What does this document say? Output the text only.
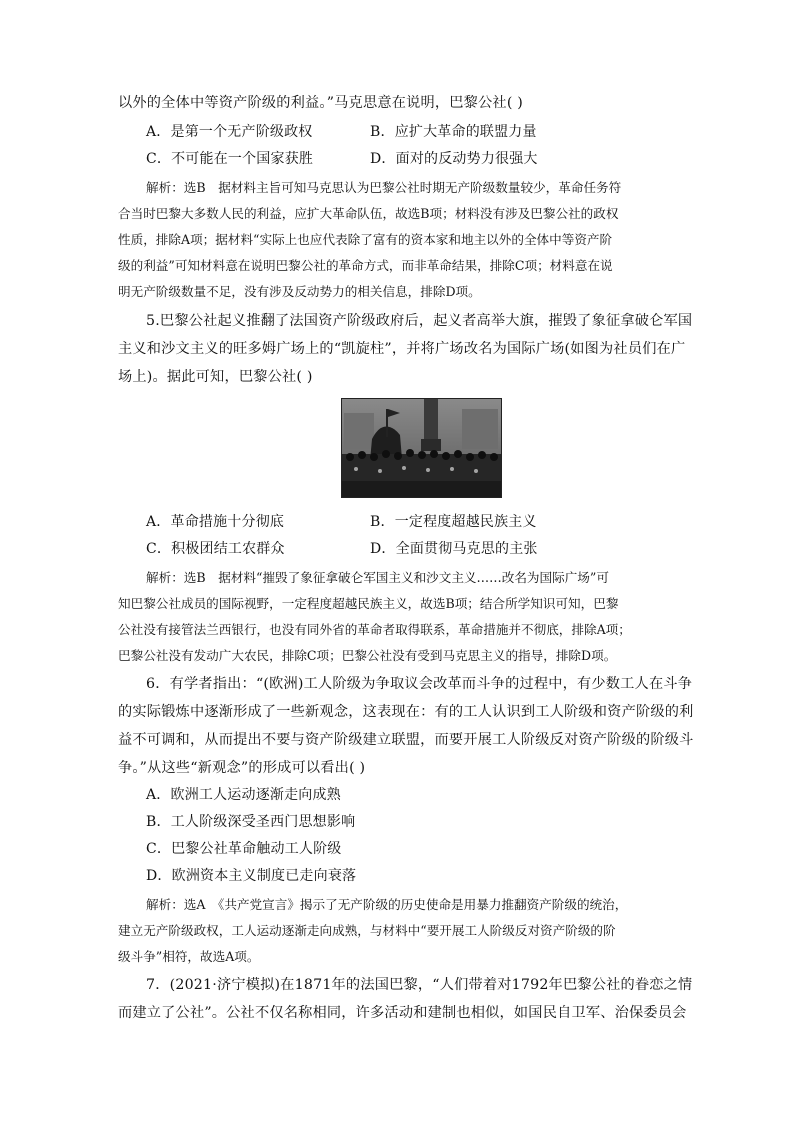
以外的全体中等资产阶级的利益。”马克思意在说明，巴黎公社( )
A．是第一个无产阶级政权	B．应扩大革命的联盟力量
C．不可能在一个国家获胜	D．面对的反动势力很强大
解析：选B　据材料主旨可知马克思认为巴黎公社时期无产阶级数量较少，革命任务符
合当时巴黎大多数人民的利益，应扩大革命队伍，故选B项；材料没有涉及巴黎公社的政权
性质，排除A项；据材料“实际上也应代表除了富有的资本家和地主以外的全体中等资产阶
级的利益”可知材料意在说明巴黎公社的革命方式，而非革命结果，排除C项；材料意在说
明无产阶级数量不足，没有涉及反动势力的相关信息，排除D项。
5.巴黎公社起义推翻了法国资产阶级政府后，起义者高举大旗，摧毁了象征拿破仑军国
主义和沙文主义的旺多姆广场上的“凯旋柱”，并将广场改名为国际广场(如图为社员们在广
场上)。据此可知，巴黎公社( )
A．革命措施十分彻底	B．一定程度超越民族主义
C．积极团结工农群众	D．全面贯彻马克思的主张
解析：选B　据材料“摧毁了象征拿破仑军国主义和沙文主义……改名为国际广场”可
知巴黎公社成员的国际视野，一定程度超越民族主义，故选B项；结合所学知识可知，巴黎
公社没有接管法兰西银行，也没有同外省的革命者取得联系，革命措施并不彻底，排除A项；
巴黎公社没有发动广大农民，排除C项；巴黎公社没有受到马克思主义的指导，排除D项。
6．有学者指出：“(欧洲)工人阶级为争取议会改革而斗争的过程中，有少数工人在斗争
的实际锻炼中逐渐形成了一些新观念，这表现在：有的工人认识到工人阶级和资产阶级的利
益不可调和，从而提出不要与资产阶级建立联盟，而要开展工人阶级反对资产阶级的阶级斗
争。”从这些“新观念”的形成可以看出( )
A．欧洲工人运动逐渐走向成熟
B．工人阶级深受圣西门思想影响
C．巴黎公社革命触动工人阶级
D．欧洲资本主义制度已走向衰落
解析：选A　《共产党宣言》揭示了无产阶级的历史使命是用暴力推翻资产阶级的统治，
建立无产阶级政权，工人运动逐渐走向成熟，与材料中“要开展工人阶级反对资产阶级的阶
级斗争”相符，故选A项。
7．(2021·济宁模拟)在1871年的法国巴黎，“人们带着对1792年巴黎公社的眷恋之情
而建立了公社”。公社不仅名称相同，许多活动和建制也相似，如国民自卫军、治保委员会
